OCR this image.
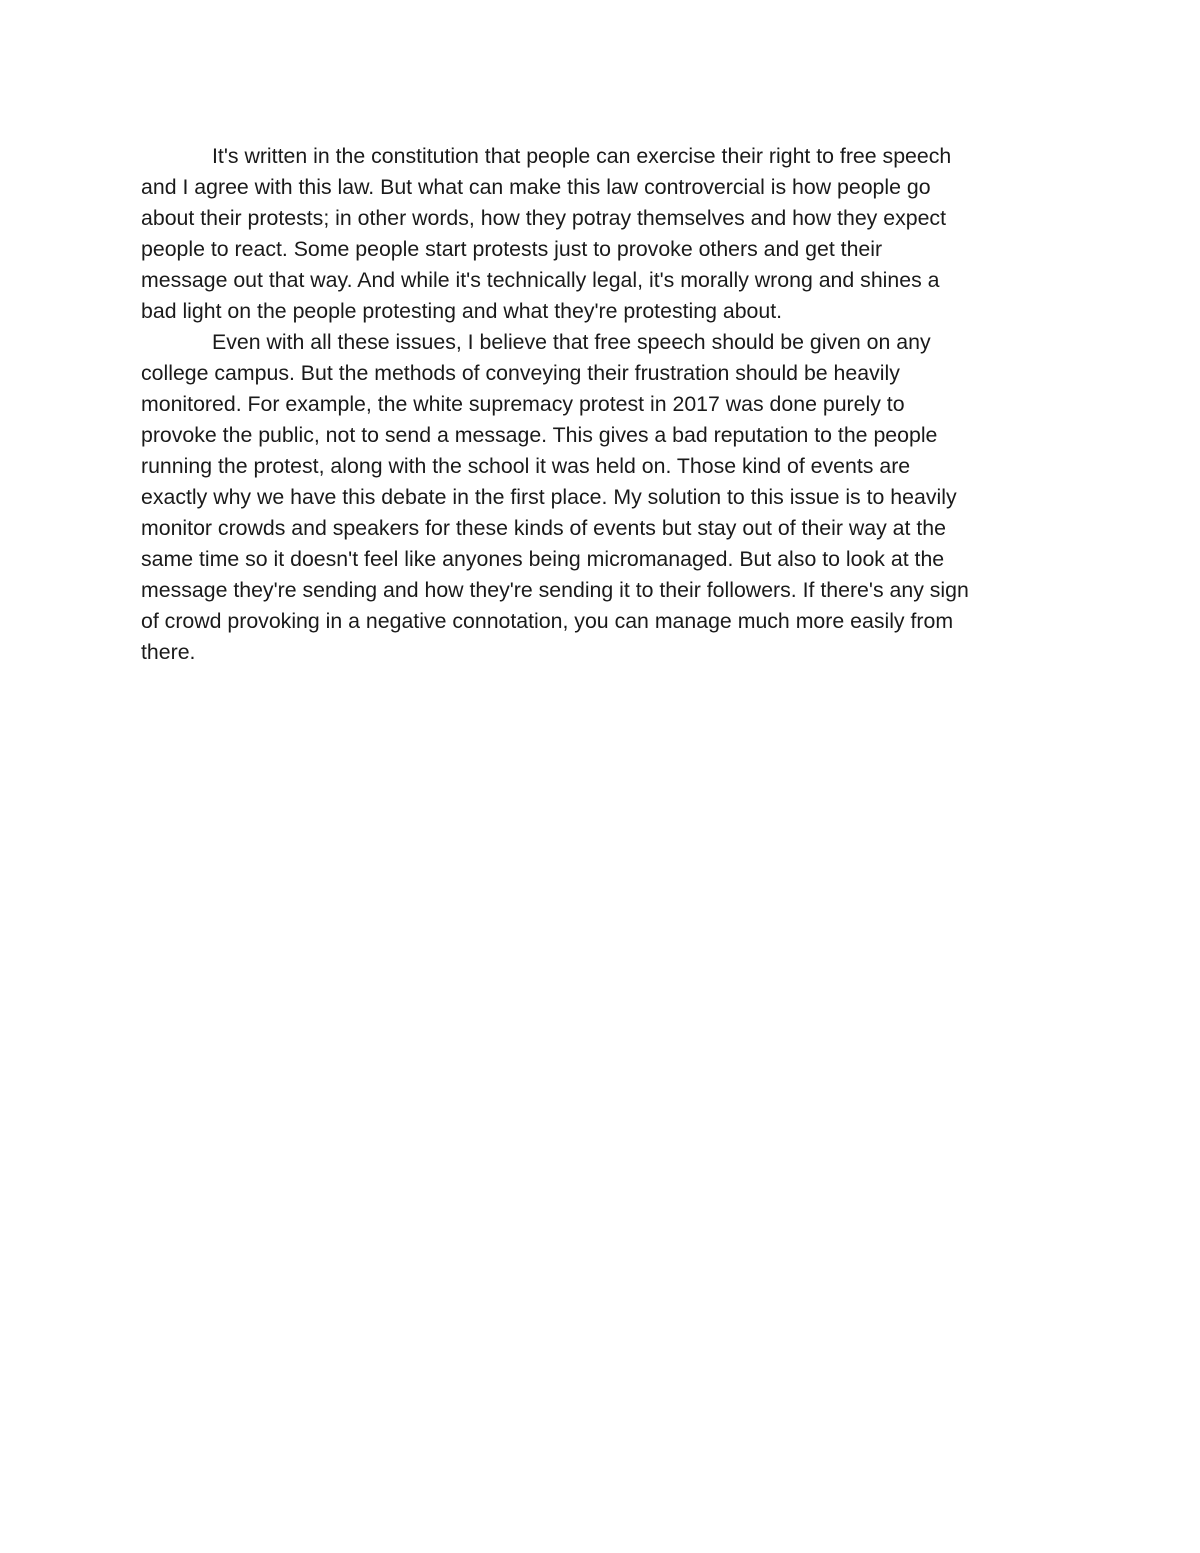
It's written in the constitution that people can exercise their right to free speech
and I agree with this law. But what can make this law controvercial is how people go
about their protests; in other words, how they potray themselves and how they expect
people to react. Some people start protests just to provoke others and get their
message out that way. And while it's technically legal, it's morally wrong and shines a
bad light on the people protesting and what they're protesting about.

Even with all these issues, I believe that free speech should be given on any
college campus. But the methods of conveying their frustration should be heavily
monitored. For example, the white supremacy protest in 2017 was done purely to
provoke the public, not to send a message. This gives a bad reputation to the people
running the protest, along with the school it was held on. Those kind of events are
exactly why we have this debate in the first place. My solution to this issue is to heavily
monitor crowds and speakers for these kinds of events but stay out of their way at the
same time so it doesn't feel like anyones being micromanaged. But also to look at the
message they're sending and how they're sending it to their followers. If there's any sign
of crowd provoking in a negative connotation, you can manage much more easily from
there.
